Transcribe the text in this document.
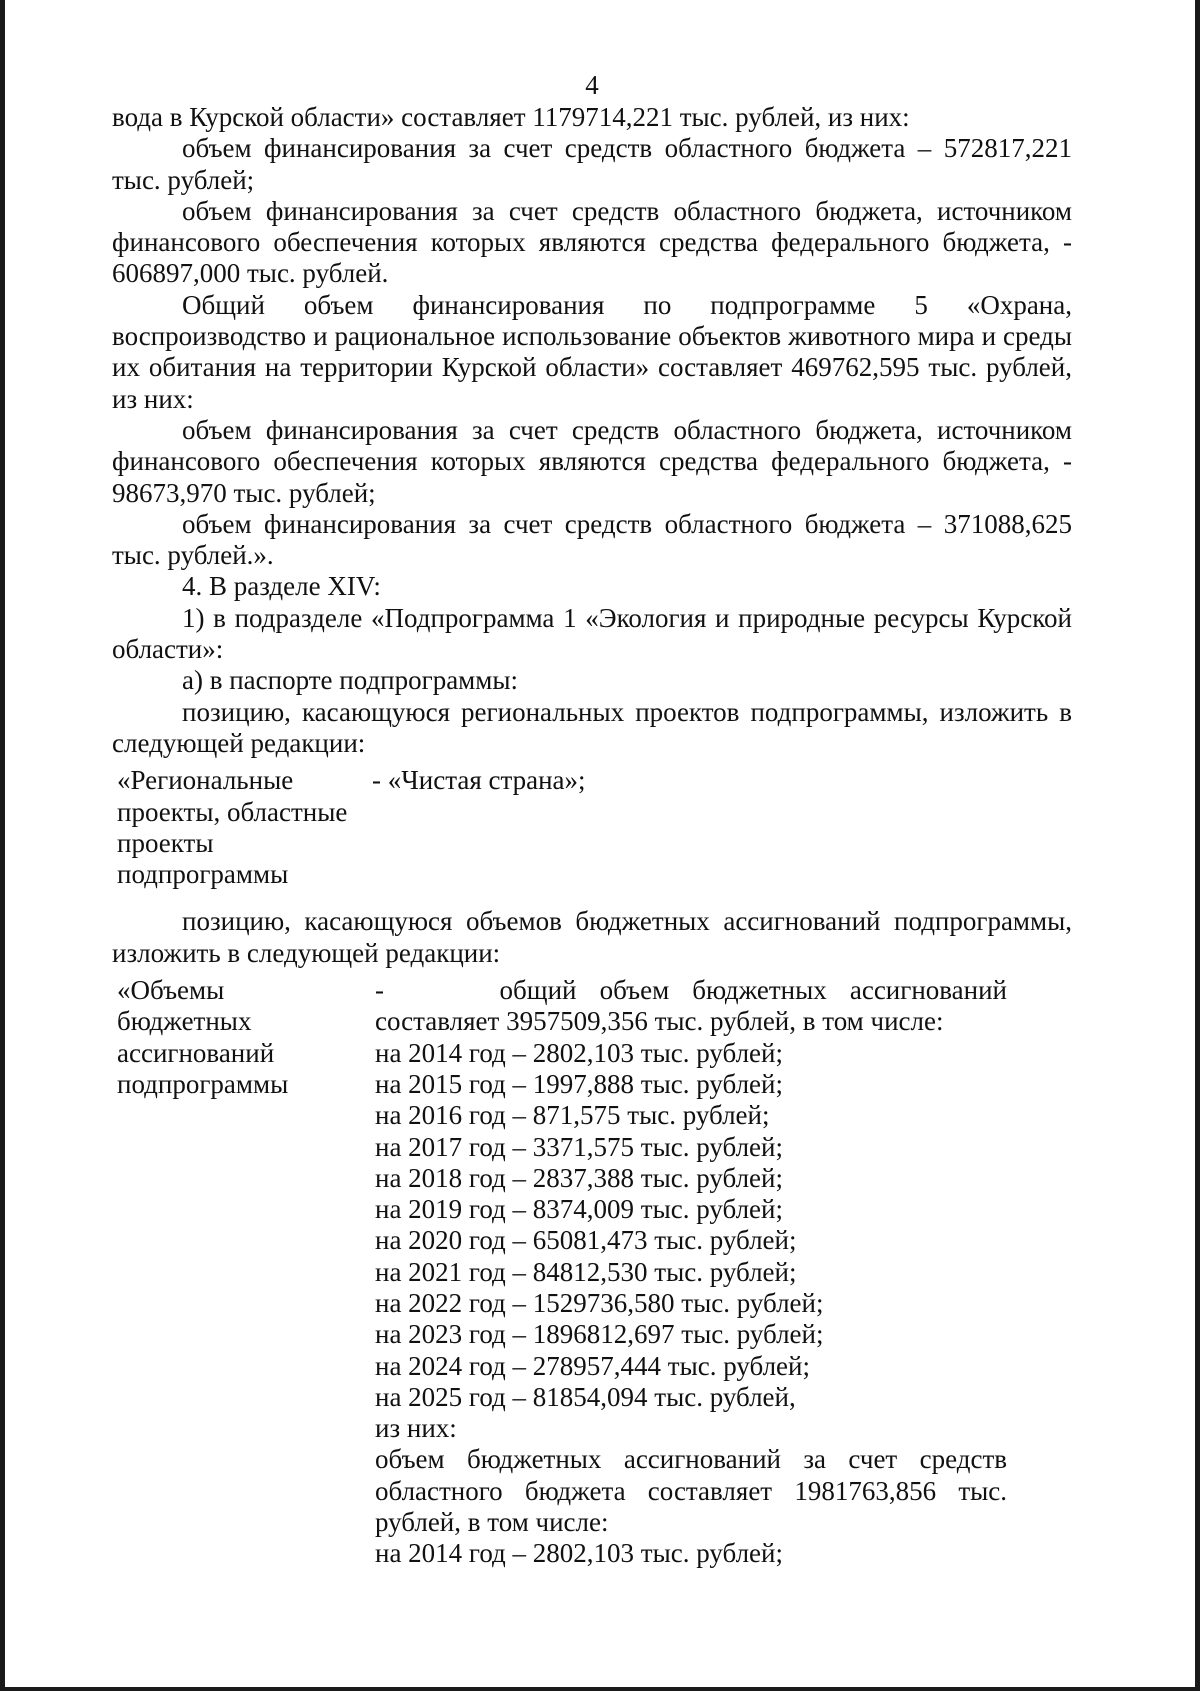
4

вода в Курской области» составляет 1179714,221 тыс. рублей, из них:

объем финансирования за счет средств областного бюджета – 572817,221 тыс. рублей;

объем финансирования за счет средств областного бюджета, источником финансового обеспечения которых являются средства федерального бюджета, - 606897,000 тыс. рублей.

Общий объем финансирования по подпрограмме 5 «Охрана, воспроизводство и рациональное использование объектов животного мира и среды их обитания на территории Курской области» составляет 469762,595 тыс. рублей, из них:

объем финансирования за счет средств областного бюджета, источником финансового обеспечения которых являются средства федерального бюджета, - 98673,970 тыс. рублей;

объем финансирования за счет средств областного бюджета – 371088,625 тыс. рублей.».

4. В разделе XIV:

1) в подразделе «Подпрограмма 1 «Экология и природные ресурсы Курской области»:

а) в паспорте подпрограммы:

позицию, касающуюся региональных проектов подпрограммы, изложить в следующей редакции:

«Региональные
проекты, областные
проекты
подпрограммы
- «Чистая страна»;

позицию, касающуюся объемов бюджетных ассигнований подпрограммы, изложить в следующей редакции:

«Объемы
бюджетных
ассигнований
подпрограммы
-     общий объем бюджетных ассигнований
составляет 3957509,356 тыс. рублей, в том числе:
на 2014 год – 2802,103 тыс. рублей;
на 2015 год – 1997,888 тыс. рублей;
на 2016 год – 871,575 тыс. рублей;
на 2017 год – 3371,575 тыс. рублей;
на 2018 год – 2837,388 тыс. рублей;
на 2019 год – 8374,009 тыс. рублей;
на 2020 год – 65081,473 тыс. рублей;
на 2021 год – 84812,530 тыс. рублей;
на 2022 год – 1529736,580 тыс. рублей;
на 2023 год – 1896812,697 тыс. рублей;
на 2024 год – 278957,444 тыс. рублей;
на 2025 год – 81854,094 тыс. рублей,
из них:
объем бюджетных ассигнований за счет средств областного бюджета составляет 1981763,856 тыс. рублей, в том числе:
на 2014 год – 2802,103 тыс. рублей;
